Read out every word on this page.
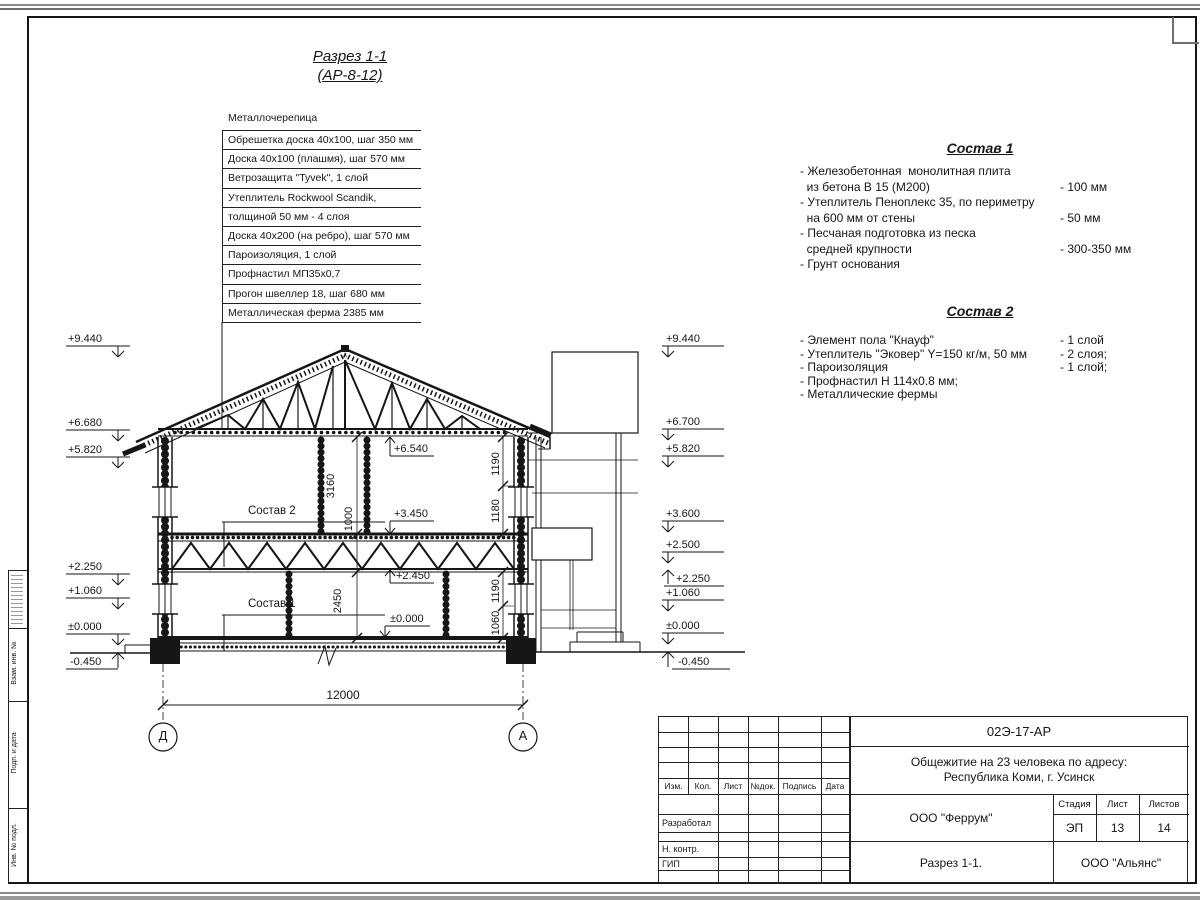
Разрез 1-1
(АР-8-12)
Металлочерепица
Обрешетка доска 40х100, шаг 350 мм
Доска 40х100 (плашмя), шаг 570 мм
Ветрозащита "Tyvek", 1 слой
Утеплитель Rockwool Scandik,
толщиной 50 мм - 4 слоя
Доска 40х200 (на ребро), шаг 570 мм
Пароизоляция, 1 слой
Профнастил МП35х0,7
Прогон швеллер 18, шаг 680 мм
Металлическая ферма 2385 мм
Состав 1
- Железобетонная  монолитная плита
из бетона В 15 (М200)	- 100 мм
- Утеплитель Пеноплекс 35, по периметру
на 600 мм от стены	- 50 мм
- Песчаная подготовка из песка
средней крупности	- 300-350 мм
- Грунт основания
Состав 2
- Элемент пола "Кнауф"	- 1 слой
- Утеплитель "Эковер" Y=150 кг/м, 50 мм	- 2 слоя;
- Пароизоляция	- 1 слой;
- Профнастил Н 114х0.8 мм;
- Металлические фермы
+9.440
+6.680
+5.820
+2.250
+1.060
±0.000
-0.450
+9.440
+6.700
+5.820
+3.600
+2.500
+2.250
+1.060
±0.000
-0.450
+6.540
+3.450
+2.450
±0.000
3160
1000
2450
1190
1180
1190
1060
12000
Д	А
Состав 2
Состав 1
Изм.	Кол.	Лист №док. Подпись	Дата
Разработал
Н. контр.
ГИП
02Э-17-АР
Общежитие на 23 человека по адресу:
Республика Коми, г. Усинск
ООО "Феррум"
Стадия	Лист	Листов
ЭП	13	14
Разрез 1-1.	ООО "Альянс"
Взам. инв. №
Подп. и дата
Инв. № подл.
